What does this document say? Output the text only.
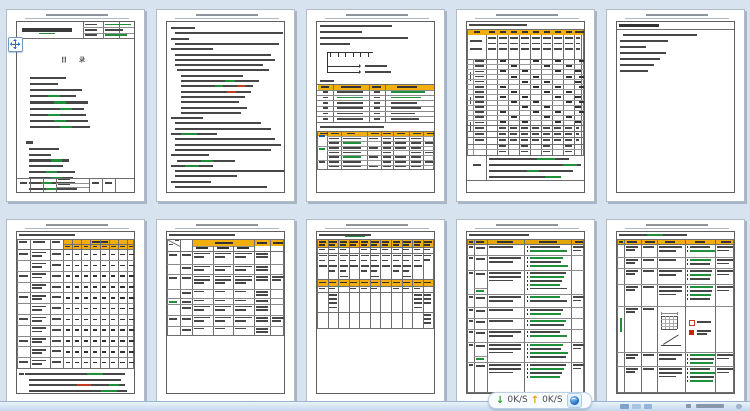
目 录
↓ 0K/S ↑ 0K/S
